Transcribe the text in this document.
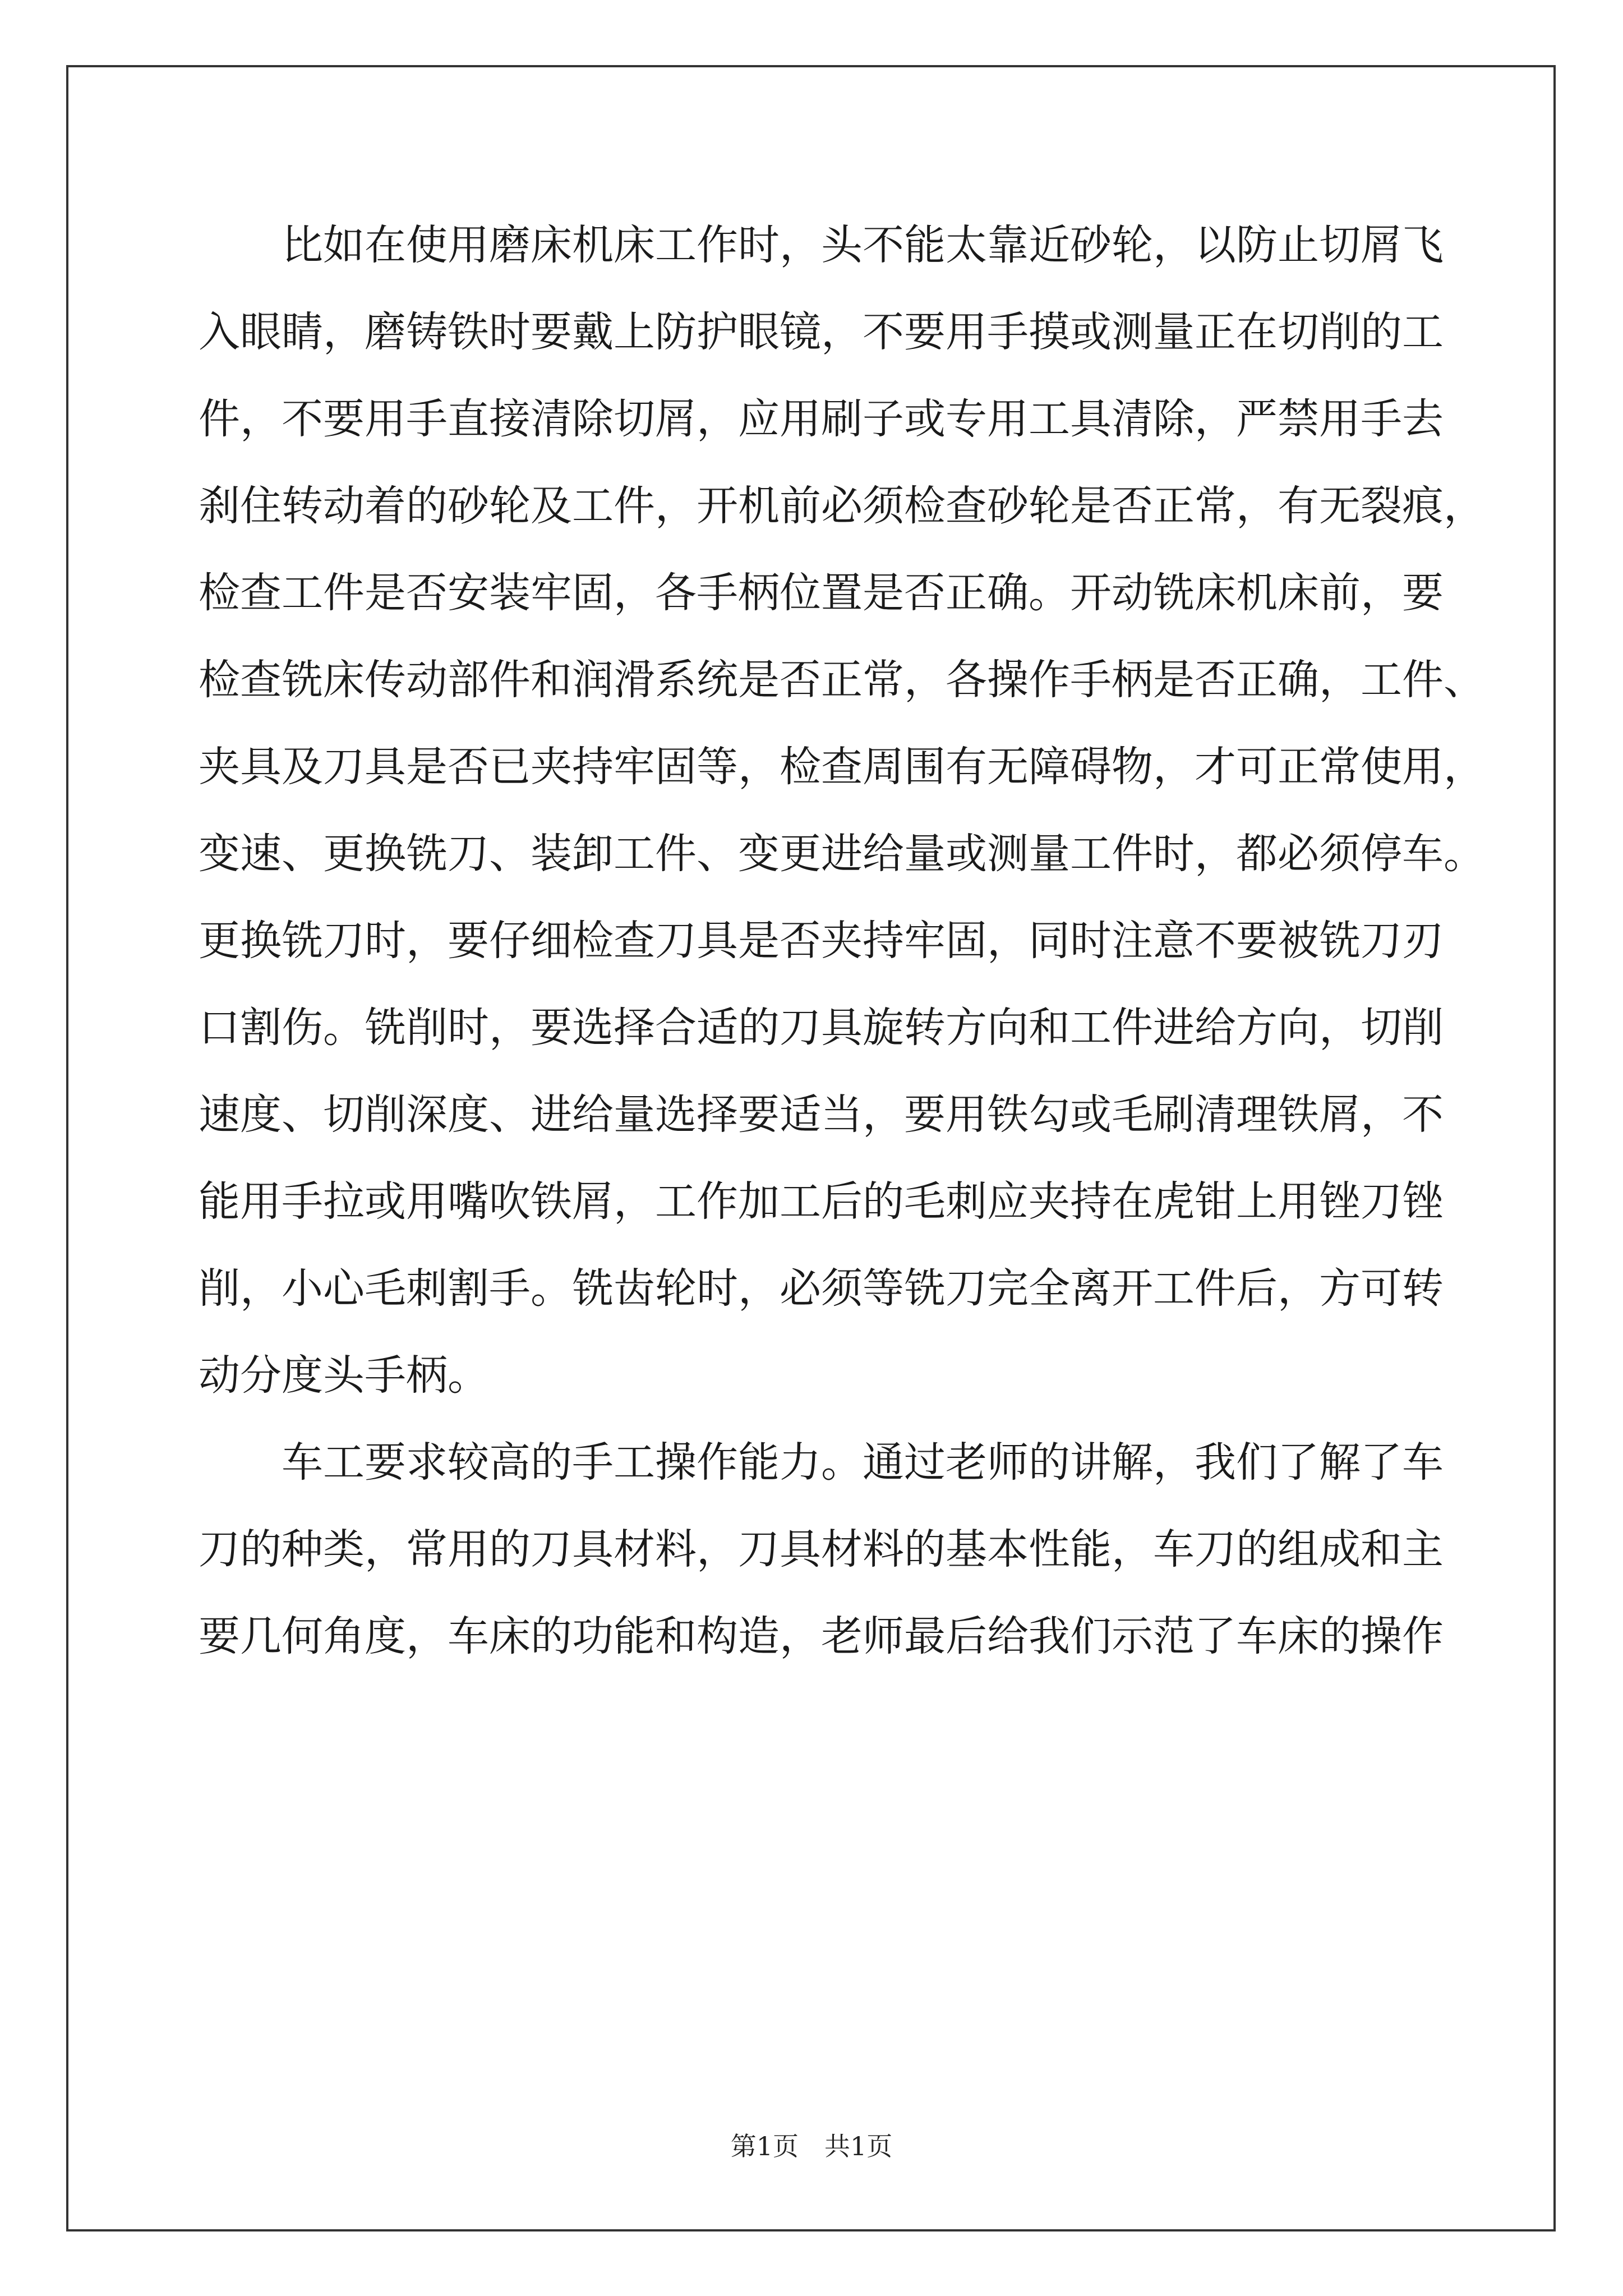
　　比如在使用磨床机床工作时，头不能太靠近砂轮，以防止切屑飞
入眼睛，磨铸铁时要戴上防护眼镜，不要用手摸或测量正在切削的工
件，不要用手直接清除切屑，应用刷子或专用工具清除，严禁用手去
刹住转动着的砂轮及工件，开机前必须检查砂轮是否正常，有无裂痕，
检查工件是否安装牢固，各手柄位置是否正确。开动铣床机床前，要
检查铣床传动部件和润滑系统是否正常，各操作手柄是否正确，工件、
夹具及刀具是否已夹持牢固等，检查周围有无障碍物，才可正常使用，
变速、更换铣刀、装卸工件、变更进给量或测量工件时，都必须停车。
更换铣刀时，要仔细检查刀具是否夹持牢固，同时注意不要被铣刀刃
口割伤。铣削时，要选择合适的刀具旋转方向和工件进给方向，切削
速度、切削深度、进给量选择要适当，要用铁勾或毛刷清理铁屑，不
能用手拉或用嘴吹铁屑，工作加工后的毛刺应夹持在虎钳上用锉刀锉
削，小心毛刺割手。铣齿轮时，必须等铣刀完全离开工件后，方可转
动分度头手柄。
　　车工要求较高的手工操作能力。通过老师的讲解，我们了解了车
刀的种类，常用的刀具材料，刀具材料的基本性能，车刀的组成和主
要几何角度，车床的功能和构造，老师最后给我们示范了车床的操作
第1页　共1页
